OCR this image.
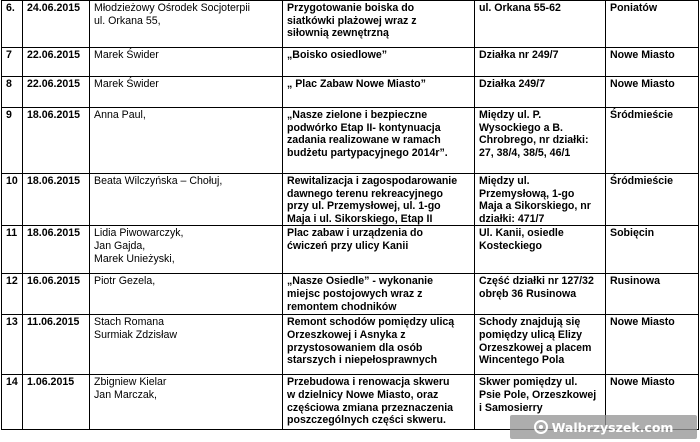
6.	24.06.2015	Młodzieżowy Ośrodek Socjoterpii
ul. Orkana 55,	Przygotowanie boiska do
siatkówki plażowej wraz z
siłownią zewnętrzną	ul. Orkana 55-62	Poniatów
7	22.06.2015	Marek Świder	„Boisko osiedlowe”	Działka nr 249/7	Nowe Miasto
8	22.06.2015	Marek Świder	„ Plac Zabaw Nowe Miasto”	Działka 249/7	Nowe Miasto
9	18.06.2015	Anna Paul,	„Nasze zielone i bezpieczne
podwórko Etap II- kontynuacja
zadania realizowane w ramach
budżetu partypacyjnego 2014r”.	Między ul. P.
Wysockiego a B.
Chrobrego, nr działki:
27, 38/4, 38/5, 46/1	Śródmieście
10	18.06.2015	Beata Wilczyńska – Chołuj,	Rewitalizacja i zagospodarowanie
dawnego terenu rekreacyjnego
przy ul. Przemysłowej, ul. 1-go
Maja i ul. Sikorskiego, Etap II	Między ul.
Przemysłową, 1-go
Maja a Sikorskiego, nr
działki: 471/7	Śródmieście
11	18.06.2015	Lidia Piwowarczyk,
Jan Gajda,
Marek Unieżyski,	Plac zabaw i urządzenia do
ćwiczeń przy ulicy Kanii	Ul. Kanii, osiedle
Kosteckiego	Sobięcin
12	16.06.2015	Piotr Gezela,	„Nasze Osiedle” - wykonanie
miejsc postojowych wraz z
remontem chodników	Część działki nr 127/32
obręb 36 Rusinowa	Rusinowa
13	11.06.2015	Stach Romana
Surmiak Zdzisław	Remont schodów pomiędzy ulicą
Orzeszkowej i Asnyka z
przystosowaniem dla osób
starszych i niepełosprawnych	Schody znajdują się
pomiędzy ulicą Elizy
Orzeszkowej a placem
Wincentego Pola	Nowe Miasto
14	1.06.2015	Zbigniew Kielar
Jan Marczak,	Przebudowa i renowacja skweru
w dzielnicy Nowe Miasto, oraz
częściowa zmiana przeznaczenia
poszczególnych części skweru.	Skwer pomiędzy ul.
Psie Pole, Orzeszkowej
i Samosierry	Nowe Miasto
Walbrzyszek.com
